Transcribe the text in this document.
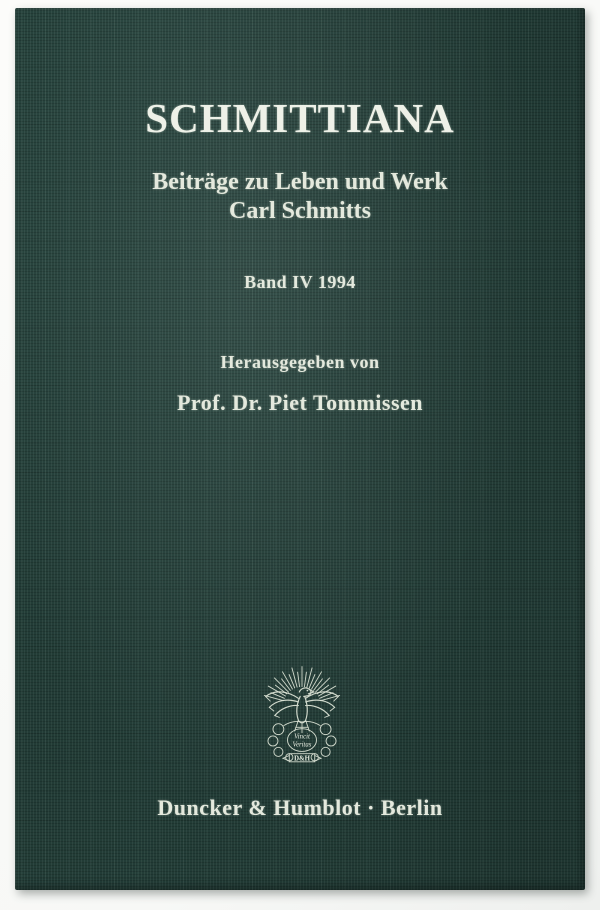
SCHMITTIANA
Beiträge zu Leben und Werk
Carl Schmitts
Band IV 1994
Herausgegeben von
Prof. Dr. Piet Tommissen
Vincit
Veritas
D&H
Duncker & Humblot · Berlin
